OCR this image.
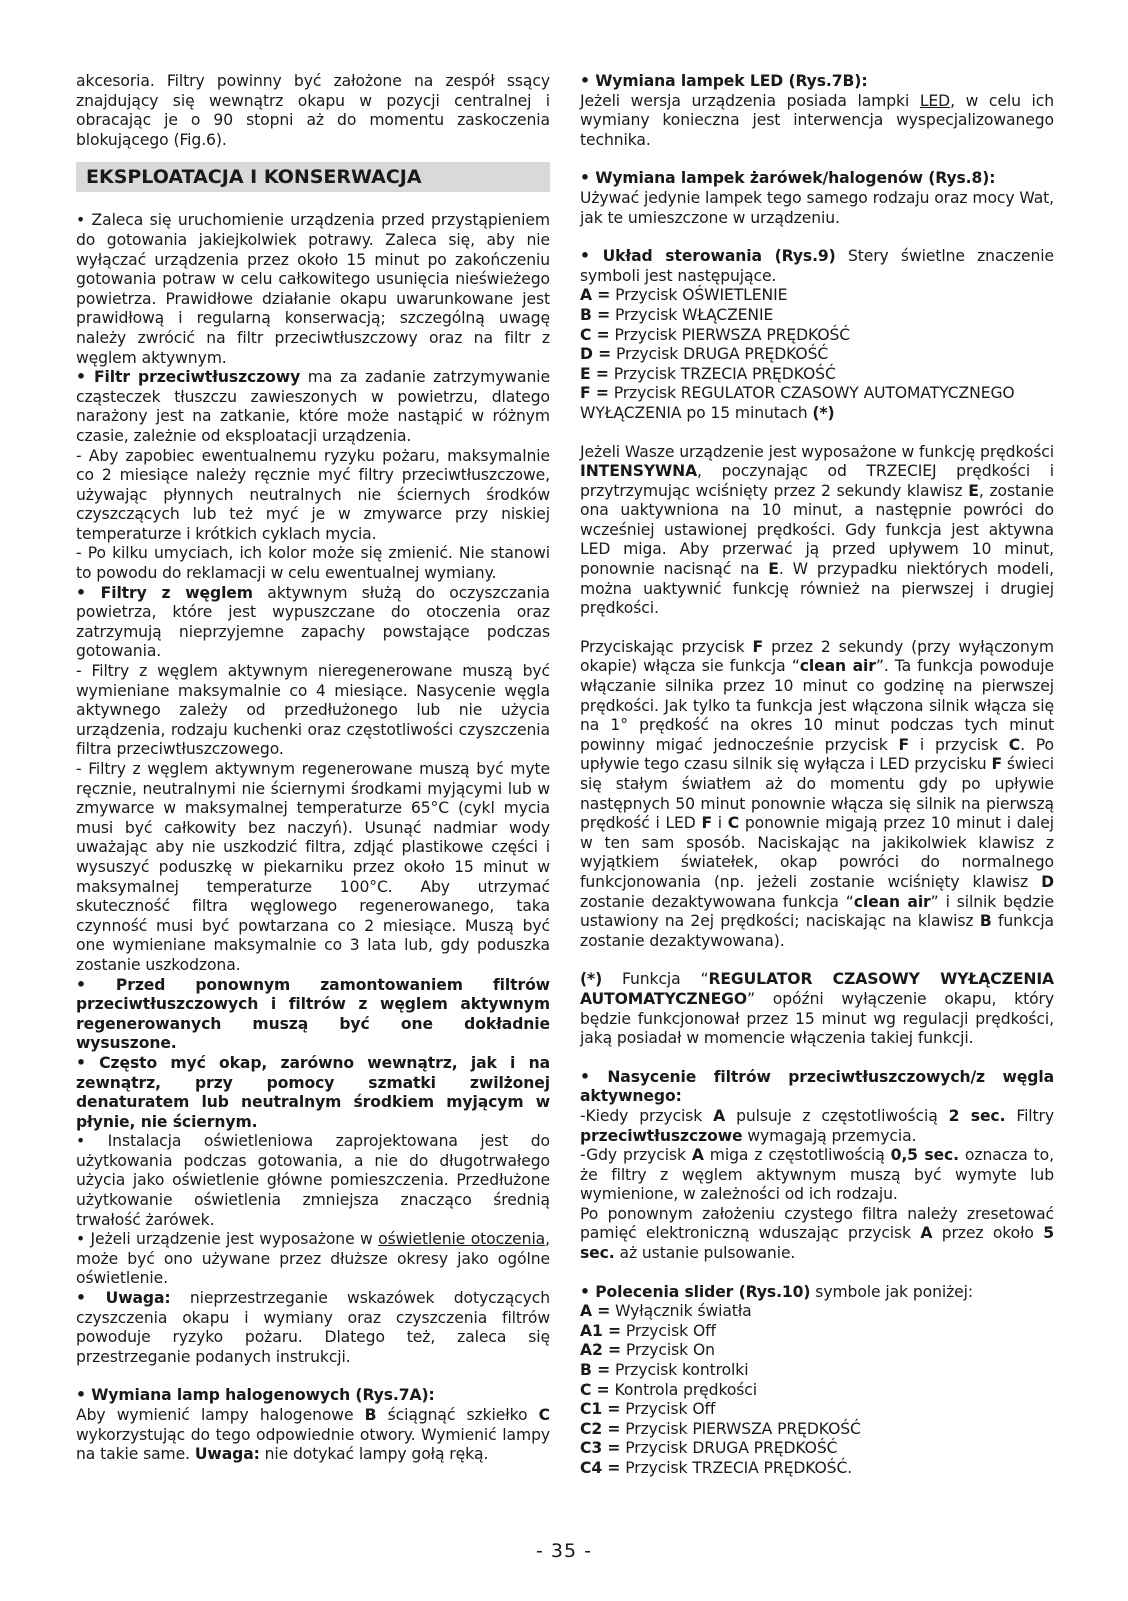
akcesoria. Filtry powinny być założone na zespół ssący znajdujący się wewnątrz okapu w pozycji centralnej i obracając je o 90 stopni aż do momentu zaskoczenia blokującego (Fig.6).

EKSPLOATACJA I KONSERWACJA

• Zaleca się uruchomienie urządzenia przed przystąpieniem do gotowania jakiejkolwiek potrawy. Zaleca się, aby nie wyłączać urządzenia przez około 15 minut po zakończeniu gotowania potraw w celu całkowitego usunięcia nieświeżego powietrza. Prawidłowe działanie okapu uwarunkowane jest prawidłową i regularną konserwacją; szczególną uwagę należy zwrócić na filtr przeciwtłuszczowy oraz na filtr z węglem aktywnym.

• Filtr przeciwtłuszczowy ma za zadanie zatrzymywanie cząsteczek tłuszczu zawieszonych w powietrzu, dlatego narażony jest na zatkanie, które może nastąpić w różnym czasie, zależnie od eksploatacji urządzenia.

- Aby zapobiec ewentualnemu ryzyku pożaru, maksymalnie co 2 miesiące należy ręcznie myć filtry przeciwtłuszczowe, używając płynnych neutralnych nie ściernych środków czyszczących lub też myć je w zmywarce przy niskiej temperaturze i krótkich cyklach mycia.

- Po kilku umyciach, ich kolor może się zmienić. Nie stanowi to powodu do reklamacji w celu ewentualnej wymiany.

• Filtry z węglem aktywnym służą do oczyszczania powietrza, które jest wypuszczane do otoczenia oraz zatrzymują nieprzyjemne zapachy powstające podczas gotowania.

- Filtry z węglem aktywnym nieregenerowane muszą być wymieniane maksymalnie co 4 miesiące. Nasycenie węgla aktywnego zależy od przedłużonego lub nie użycia urządzenia, rodzaju kuchenki oraz częstotliwości czyszczenia filtra przeciwtłuszczowego.

- Filtry z węglem aktywnym regenerowane muszą być myte ręcznie, neutralnymi nie ściernymi środkami myjącymi lub w zmywarce w maksymalnej temperaturze 65°C (cykl mycia musi być całkowity bez naczyń). Usunąć nadmiar wody uważając aby nie uszkodzić filtra, zdjąć plastikowe części i wysuszyć poduszkę w piekarniku przez około 15 minut w maksymalnej temperaturze 100°C. Aby utrzymać skuteczność filtra węglowego regenerowanego, taka czynność musi być powtarzana co 2 miesiące. Muszą być one wymieniane maksymalnie co 3 lata lub, gdy poduszka zostanie uszkodzona.

• Przed ponownym zamontowaniem filtrów przeciwtłuszczowych i filtrów z węglem aktywnym regenerowanych muszą być one dokładnie wysuszone.

• Często myć okap, zarówno wewnątrz, jak i na zewnątrz, przy pomocy szmatki zwilżonej denaturatem lub neutralnym środkiem myjącym w płynie, nie ściernym.

• Instalacja oświetleniowa zaprojektowana jest do użytkowania podczas gotowania, a nie do długotrwałego użycia jako oświetlenie główne pomieszczenia. Przedłużone użytkowanie oświetlenia zmniejsza znacząco średnią trwałość żarówek.

• Jeżeli urządzenie jest wyposażone w oświetlenie otoczenia, może być ono używane przez dłuższe okresy jako ogólne oświetlenie.

• Uwaga: nieprzestrzeganie wskazówek dotyczących czyszczenia okapu i wymiany oraz czyszczenia filtrów powoduje ryzyko pożaru. Dlatego też, zaleca się przestrzeganie podanych instrukcji.

• Wymiana lamp halogenowych (Rys.7A):

Aby wymienić lampy halogenowe B ściągnąć szkiełko C wykorzystując do tego odpowiednie otwory. Wymienić lampy na takie same. Uwaga: nie dotykać lampy gołą ręką.

• Wymiana lampek LED (Rys.7B):

Jeżeli wersja urządzenia posiada lampki LED, w celu ich wymiany konieczna jest interwencja wyspecjalizowanego technika.

• Wymiana lampek żarówek/halogenów (Rys.8):

Używać jedynie lampek tego samego rodzaju oraz mocy Wat, jak te umieszczone w urządzeniu.

• Układ sterowania (Rys.9) Stery świetlne znaczenie symboli jest następujące.

A = Przycisk OŚWIETLENIE
B = Przycisk WŁĄCZENIE
C = Przycisk PIERWSZA PRĘDKOŚĆ
D = Przycisk DRUGA PRĘDKOŚĆ
E = Przycisk TRZECIA PRĘDKOŚĆ
F = Przycisk REGULATOR CZASOWY AUTOMATYCZNEGO WYŁĄCZENIA po 15 minutach (*)

Jeżeli Wasze urządzenie jest wyposażone w funkcję prędkości INTENSYWNA, poczynając od TRZECIEJ prędkości i przytrzymując wciśnięty przez 2 sekundy klawisz E, zostanie ona uaktywniona na 10 minut, a następnie powróci do wcześniej ustawionej prędkości. Gdy funkcja jest aktywna LED miga. Aby przerwać ją przed upływem 10 minut, ponownie nacisnąć na E. W przypadku niektórych modeli, można uaktywnić funkcję również na pierwszej i drugiej prędkości.

Przyciskając przycisk F przez 2 sekundy (przy wyłączonym okapie) włącza sie funkcja “clean air”. Ta funkcja powoduje włączanie silnika przez 10 minut co godzinę na pierwszej prędkości. Jak tylko ta funkcja jest włączona silnik włącza się na 1° prędkość na okres 10 minut podczas tych minut powinny migać jednocześnie przycisk F i przycisk C. Po upływie tego czasu silnik się wyłącza i LED przycisku F świeci się stałym światłem aż do momentu gdy po upływie następnych 50 minut ponownie włącza się silnik na pierwszą prędkość i LED F i C ponownie migają przez 10 minut i dalej w ten sam sposób. Naciskając na jakikolwiek klawisz z wyjątkiem światełek, okap powróci do normalnego funkcjonowania (np. jeżeli zostanie wciśnięty klawisz D zostanie dezaktywowana funkcja “clean air” i silnik będzie ustawiony na 2ej prędkości; naciskając na klawisz B funkcja zostanie dezaktywowana).

(*) Funkcja “REGULATOR CZASOWY WYŁĄCZENIA AUTOMATYCZNEGO” opóźni wyłączenie okapu, który będzie funkcjonował przez 15 minut wg regulacji prędkości, jaką posiadał w momencie włączenia takiej funkcji.

• Nasycenie filtrów przeciwtłuszczowych/z węgla aktywnego:

-Kiedy przycisk A pulsuje z częstotliwością 2 sec. Filtry przeciwtłuszczowe wymagają przemycia.

-Gdy przycisk A miga z częstotliwością 0,5 sec. oznacza to, że filtry z węglem aktywnym muszą być wymyte lub wymienione, w zależności od ich rodzaju.

Po ponownym założeniu czystego filtra należy zresetować pamięć elektroniczną wduszając przycisk A przez około 5 sec. aż ustanie pulsowanie.

• Polecenia slider (Rys.10) symbole jak poniżej:

A = Wyłącznik światła
A1 = Przycisk Off
A2 = Przycisk On
B = Przycisk kontrolki
C = Kontrola prędkości
C1 = Przycisk Off
C2 = Przycisk PIERWSZA PRĘDKOŚĆ
C3 = Przycisk DRUGA PRĘDKOŚĆ
C4 = Przycisk TRZECIA PRĘDKOŚĆ.
- 35 -
